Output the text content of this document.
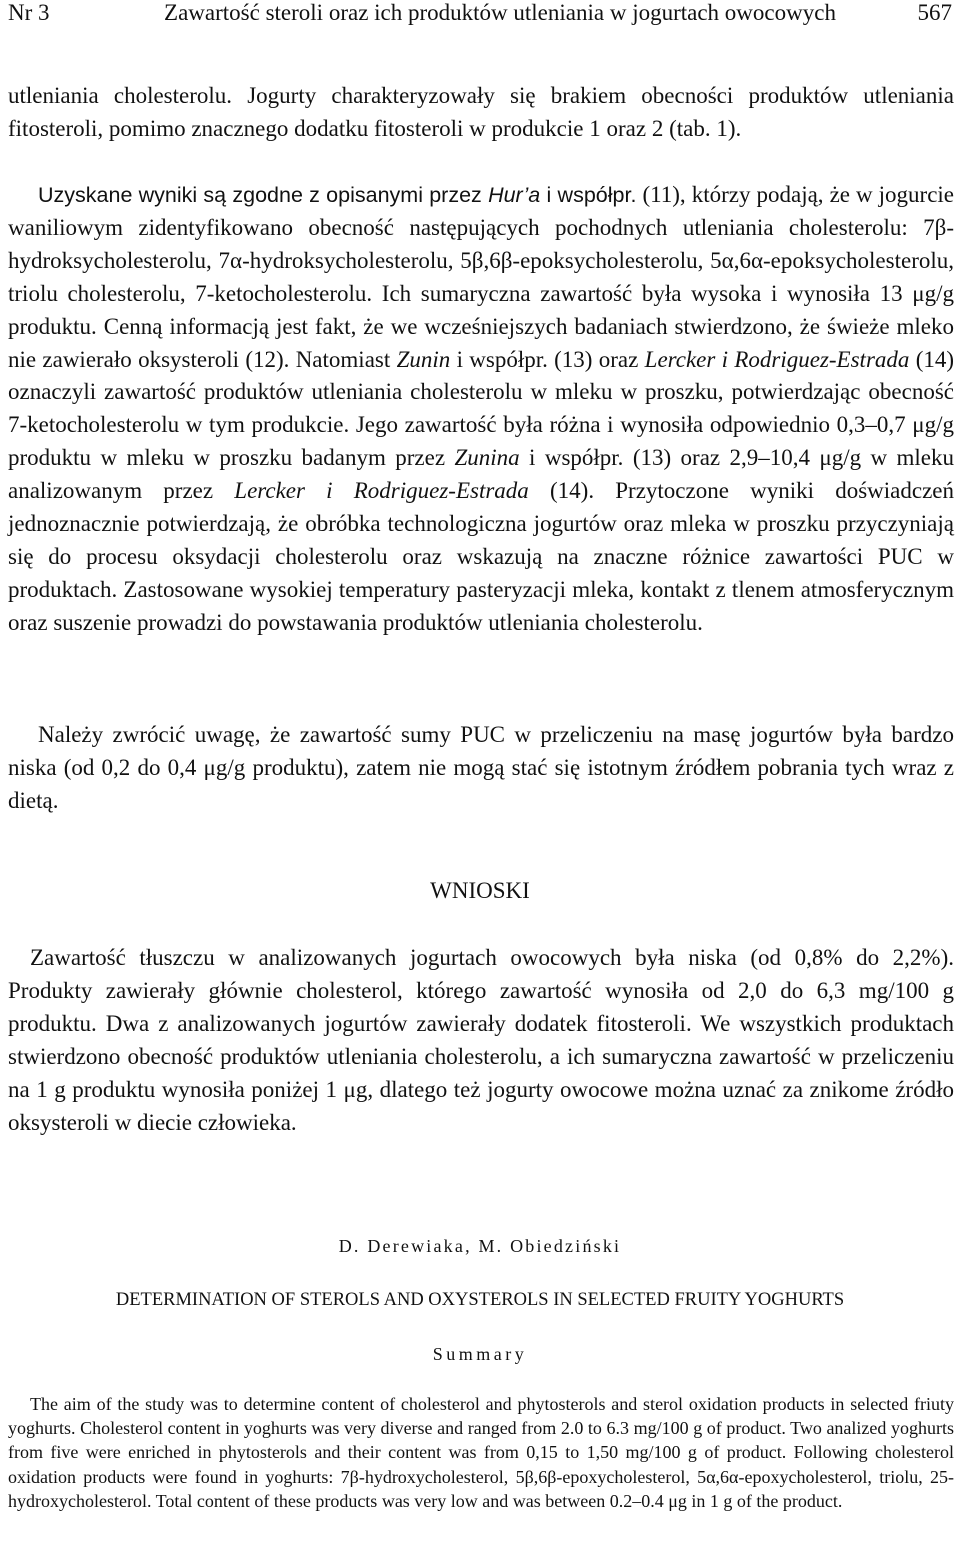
Nr 3	Zawartość steroli oraz ich produktów utleniania w jogurtach owocowych	567

utleniania cholesterolu. Jogurty charakteryzowały się brakiem obecności produktów utleniania fitosteroli, pomimo znacznego dodatku fitosteroli w produkcie 1 oraz 2 (tab. 1).

Uzyskane wyniki są zgodne z opisanymi przez Hur’a i współpr. (11), którzy podają, że w jogurcie waniliowym zidentyfikowano obecność następujących pochodnych utleniania cholesterolu: 7β-hydroksycholesterolu, 7α-hydroksycholesterolu, 5β,6β-epoksycholesterolu, 5α,6α-epoksycholesterolu, triolu cholesterolu, 7-ketocholesterolu. Ich sumaryczna zawartość była wysoka i wynosiła 13 μg/g produktu. Cenną informacją jest fakt, że we wcześniejszych badaniach stwierdzono, że świeże mleko nie zawierało oksysteroli (12). Natomiast Zunin i współpr. (13) oraz Lercker i Rodriguez-Estrada (14) oznaczyli zawartość produktów utleniania cholesterolu w mleku w proszku, potwierdzając obecność 7-ketocholesterolu w tym produkcie. Jego zawartość była różna i wynosiła odpowiednio 0,3–0,7 μg/g produktu w mleku w proszku badanym przez Zunina i współpr. (13) oraz 2,9–10,4 μg/g w mleku analizowanym przez Lercker i Rodriguez-Estrada (14). Przytoczone wyniki doświadczeń jednoznacznie potwierdzają, że obróbka technologiczna jogurtów oraz mleka w proszku przyczyniają się do procesu oksydacji cholesterolu oraz wskazują na znaczne różnice zawartości PUC w produktach. Zastosowane wysokiej temperatury pasteryzacji mleka, kontakt z tlenem atmosferycznym oraz suszenie prowadzi do powstawania produktów utleniania cholesterolu.

Należy zwrócić uwagę, że zawartość sumy PUC w przeliczeniu na masę jogurtów była bardzo niska (od 0,2 do 0,4 μg/g produktu), zatem nie mogą stać się istotnym źródłem pobrania tych wraz z dietą.

WNIOSKI

Zawartość tłuszczu w analizowanych jogurtach owocowych była niska (od 0,8% do 2,2%). Produkty zawierały głównie cholesterol, którego zawartość wynosiła od 2,0 do 6,3 mg/100 g produktu. Dwa z analizowanych jogurtów zawierały dodatek fitosteroli. We wszystkich produktach stwierdzono obecność produktów utleniania cholesterolu, a ich sumaryczna zawartość w przeliczeniu na 1 g produktu wynosiła poniżej 1 μg, dlatego też jogurty owocowe można uznać za znikome źródło oksysteroli w diecie człowieka.

D. Derewiaka, M. Obiedziński
DETERMINATION OF STEROLS AND OXYSTEROLS IN SELECTED FRUITY YOGHURTS
Summary

The aim of the study was to determine content of cholesterol and phytosterols and sterol oxidation products in selected friuty yoghurts. Cholesterol content in yoghurts was very diverse and ranged from 2.0 to 6.3 mg/100 g of product. Two analized yoghurts from five were enriched in phytosterols and their content was from 0,15 to 1,50 mg/100 g of product. Following cholesterol oxidation products were found in yoghurts: 7β-hydroxycholesterol, 5β,6β-epoxycholesterol, 5α,6α-epoxycholesterol, triolu, 25-hydroxycholesterol. Total content of these products was very low and was between 0.2–0.4 μg in 1 g of the product.
